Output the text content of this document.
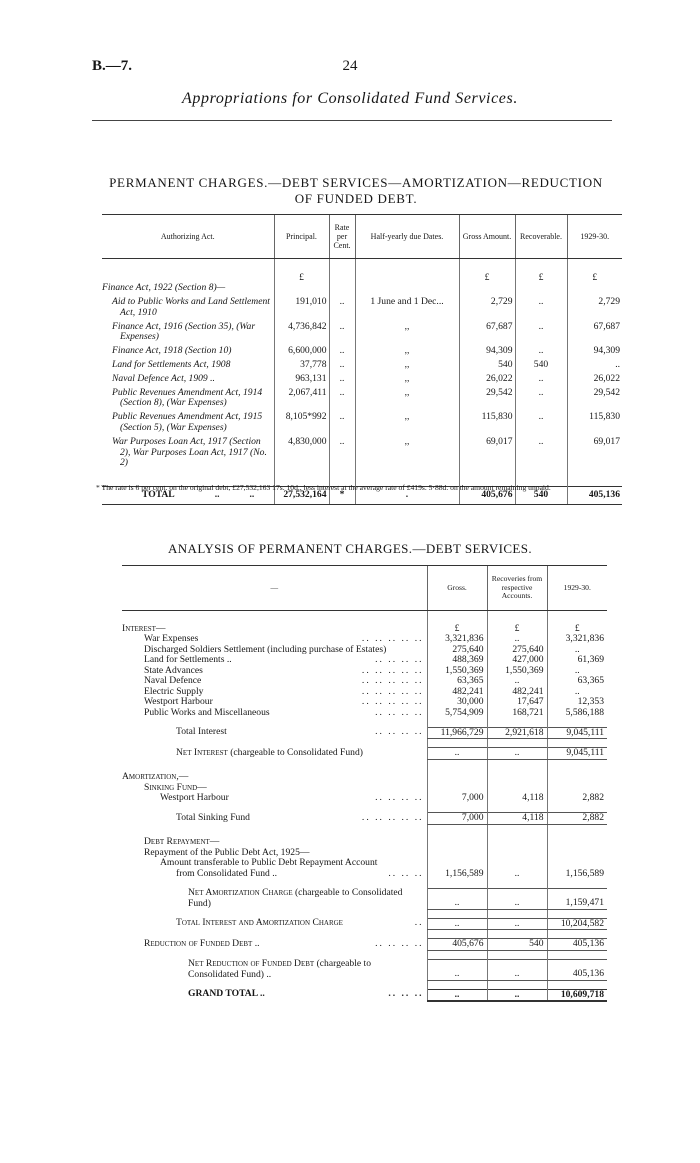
B.—7.	24
Appropriations for Consolidated Fund Services.
PERMANENT CHARGES.—DEBT SERVICES—AMORTIZATION—REDUCTION
OF FUNDED DEBT.
Authorizing Act.	Principal.	Rate per Cent.	Half-yearly due Dates.	Gross Amount.	Recoverable.	1929-30.

	£			£	£	£
Finance Act, 1922 (Section 8)—						
Aid to Public Works and Land Settlement Act, 1910	191,010	..	1 June and 1 Dec...	2,729	..	2,729
Finance Act, 1916 (Section 35), (War Expenses)	4,736,842	..	,,	67,687	..	67,687
Finance Act, 1918 (Section 10)	6,600,000	..	,,	94,309	..	94,309
Land for Settlements Act, 1908	37,778	..	,,	540	540	..
Naval Defence Act, 1909 ..	963,131	..	,,	26,022	..	26,022
Public Revenues Amendment Act, 1914 (Section 8), (War Expenses)	2,067,411	..	,,	29,542	..	29,542
Public Revenues Amendment Act, 1915 (Section 5), (War Expenses)	8,105*992	..	,,	115,830	..	115,830
War Purposes Loan Act, 1917 (Section 2), War Purposes Loan Act, 1917 (No. 2)	4,830,000	..	,,	69,017	..	69,017

TOTAL .. ..	27,532,164	*	.	405,676	540	405,136
* The rate is 6 per cent. on the original debt, £27,532,163 17s. 10d., less interest at the average rate of £419s. 5·88d. on the amount remaining unpaid.
ANALYSIS OF PERMANENT CHARGES.—DEBT SERVICES.
—	Gross.	Recoveries from respective Accounts.	1929-30.

Interest—	£	£	£
War Expenses .. .. .. .. ..	3,321,836	..	3,321,836
Discharged Soldiers Settlement (including purchase of Estates)	275,640	275,640	..
Land for Settlements .. .. .. .. ..	488,369	427,000	61,369
State Advances .. .. .. .. ..	1,550,369	1,550,369	..
Naval Defence .. .. .. .. ..	63,365	..	63,365
Electric Supply .. .. .. .. ..	482,241	482,241	..
Westport Harbour .. .. .. .. ..	30,000	17,647	12,353
Public Works and Miscellaneous .. .. .. ..	5,754,909	168,721	5,586,188

Total Interest .. .. .. ..	11,966,729	2,921,618	9,045,111

Net Interest (chargeable to Consolidated Fund)	..	..	9,045,111

Amortization,—			
Sinking Fund—			
Westport Harbour .. .. .. ..	7,000	4,118	2,882

Total Sinking Fund .. .. .. .. ..	7,000	4,118	2,882

Debt Repayment—			
Repayment of the Public Debt Act, 1925—			
Amount transferable to Public Debt Repayment Account			
from Consolidated Fund .. .. .. ..	1,156,589	..	1,156,589

Net Amortization Charge (chargeable to Consolidated Fund)	..	..	1,159,471

Total Interest and Amortization Charge ..	..	..	10,204,582

Reduction of Funded Debt .. .. .. .. ..	405,676	540	405,136

Net Reduction of Funded Debt (chargeable to Consolidated Fund) ..	..	..	405,136

GRAND TOTAL .. .. .. ..	..	..	10,609,718
